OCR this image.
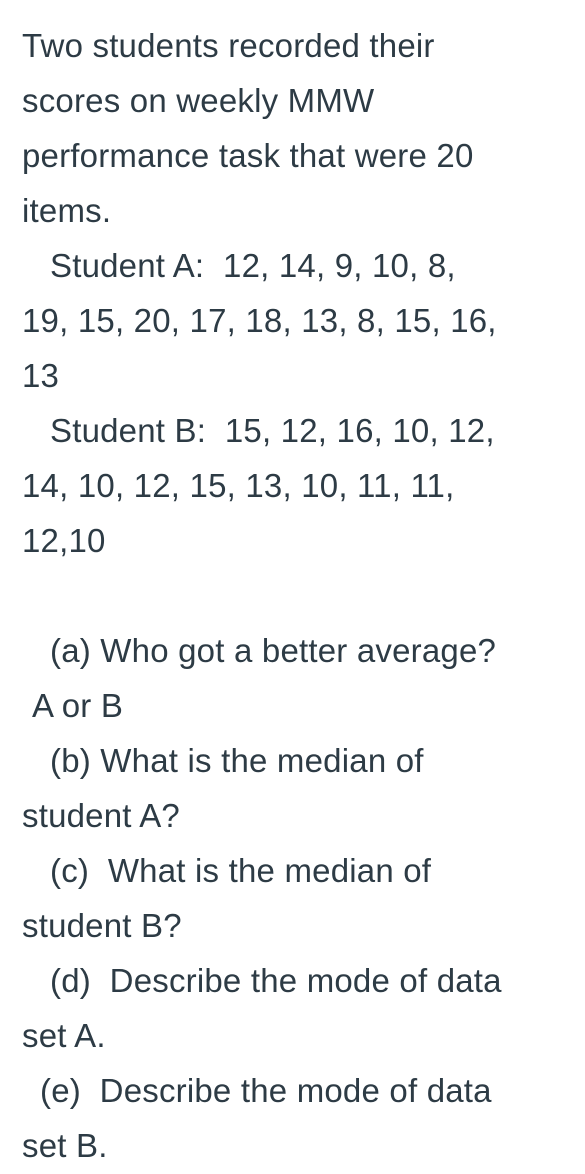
Two students recorded their
scores on weekly MMW
performance task that were 20
items.
Student A:  12, 14, 9, 10, 8,
19, 15, 20, 17, 18, 13, 8, 15, 16,
13
Student B:  15, 12, 16, 10, 12,
14, 10, 12, 15, 13, 10, 11, 11,
12,10
(a) Who got a better average?
A or B
(b) What is the median of
student A?
(c)  What is the median of
student B?
(d)  Describe the mode of data
set A.
(e)  Describe the mode of data
set B.
